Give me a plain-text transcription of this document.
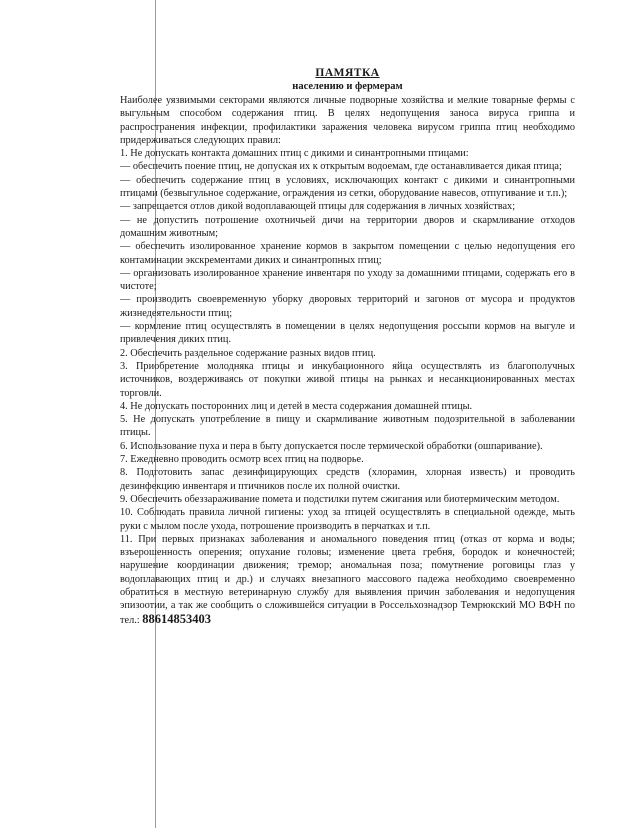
ПАМЯТКА
населению и фермерам

Наиболее уязвимыми секторами являются личные подворные хозяйства и мелкие товарные фермы с выгульным способом содержания птиц. В целях недопущения заноса вируса гриппа и распространения инфекции, профилактики заражения человека вирусом гриппа птиц необходимо придерживаться следующих правил:

1. Не допускать контакта домашних птиц с дикими и синантропными птицами:

— обеспечить поение птиц, не допуская их к открытым водоемам, где останавливается дикая птица;

— обеспечить содержание птиц в условиях, исключающих контакт с дикими и синантропными птицами (безвыгульное содержание, ограждения из сетки, оборудование навесов, отпугивание и т.п.);

— запрещается отлов дикой водоплавающей птицы для содержания в личных хозяйствах;

— не допустить потрошение охотничьей дичи на территории дворов и скармливание отходов домашним животным;

— обеспечить изолированное хранение кормов в закрытом помещении с целью недопущения его контаминации экскрементами диких и синантропных птиц;

— организовать изолированное хранение инвентаря по уходу за домашними птицами, содержать его в чистоте;

— производить своевременную уборку дворовых территорий и загонов от мусора и продуктов жизнедеятельности птиц;

— кормление птиц осуществлять в помещении в целях недопущения россыпи кормов на выгуле и привлечения диких птиц.

2. Обеспечить раздельное содержание разных видов птиц.

3. Приобретение молодняка птицы и инкубационного яйца осуществлять из благополучных источников, воздерживаясь от покупки живой птицы на рынках и несанкционированных местах торговли.

4. Не допускать посторонних лиц и детей в места содержания домашней птицы.

5. Не допускать употребление в пищу и скармливание животным подозрительной в заболевании птицы.

6. Использование пуха и пера в быту допускается после термической обработки (ошпаривание).

7. Ежедневно проводить осмотр всех птиц на подворье.

8. Подготовить запас дезинфицирующих средств (хлорамин, хлорная известь) и проводить дезинфекцию инвентаря и птичников после их полной очистки.

9. Обеспечить обеззараживание помета и подстилки путем сжигания или биотермическим методом.

10. Соблюдать правила личной гигиены: уход за птицей осуществлять в специальной одежде, мыть руки с мылом после ухода, потрошение производить в перчатках и т.п.

11. При первых признаках заболевания и аномального поведения птиц (отказ от корма и воды; взъерошенность оперения; опухание головы; изменение цвета гребня, бородок и конечностей; нарушение координации движения; тремор; аномальная поза; помутнение роговицы глаз у водоплавающих птиц и др.) и случаях внезапного массового падежа необходимо своевременно обратиться в местную ветеринарную службу для выявления причин заболевания и недопущения эпизоотии, а так же сообщить о сложившейся ситуации в Россельхознадзор Темрюкский МО ВФН по тел.: 88614853403
